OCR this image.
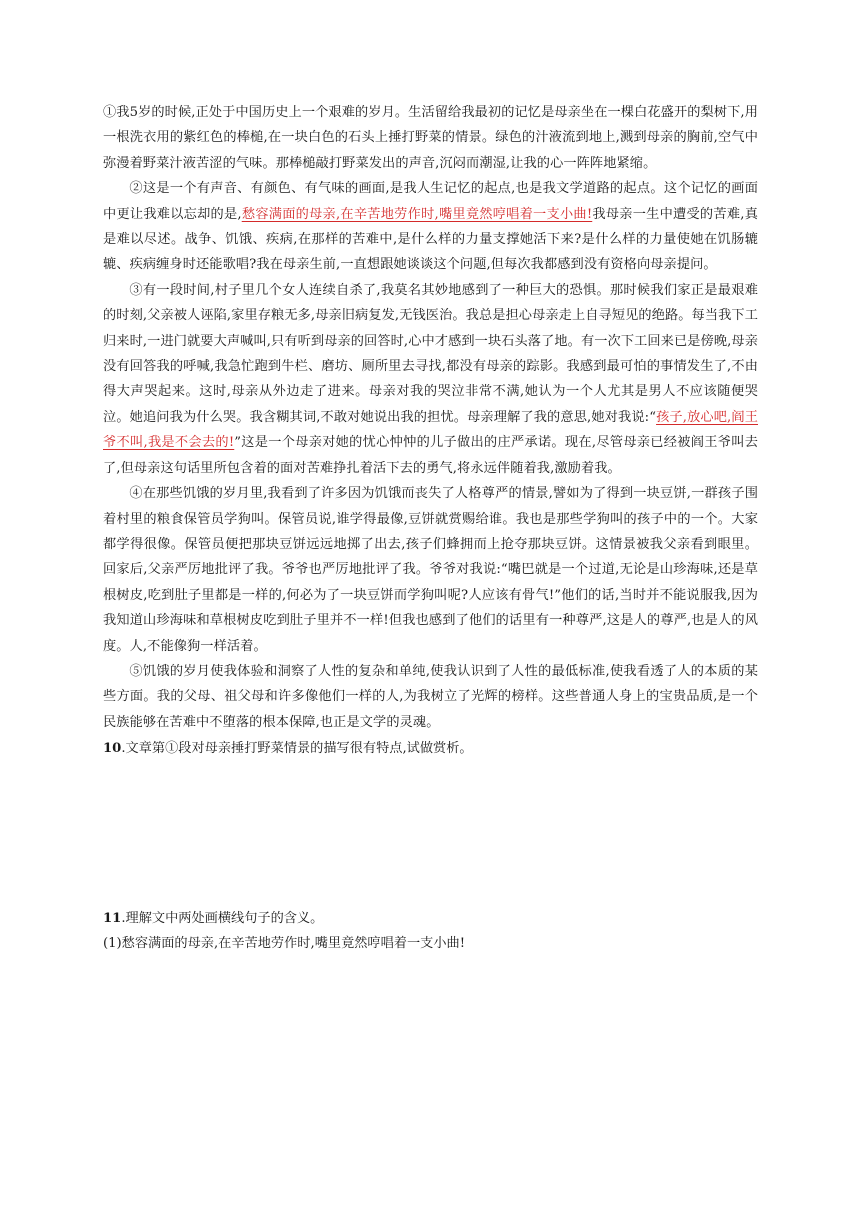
①我5岁的时候,正处于中国历史上一个艰难的岁月。生活留给我最初的记忆是母亲坐在一棵白花盛开的梨树下,用一根洗衣用的紫红色的棒槌,在一块白色的石头上捶打野菜的情景。绿色的汁液流到地上,溅到母亲的胸前,空气中弥漫着野菜汁液苦涩的气味。那棒槌敲打野菜发出的声音,沉闷而潮湿,让我的心一阵阵地紧缩。

②这是一个有声音、有颜色、有气味的画面,是我人生记忆的起点,也是我文学道路的起点。这个记忆的画面中更让我难以忘却的是,愁容满面的母亲,在辛苦地劳作时,嘴里竟然哼唱着一支小曲!我母亲一生中遭受的苦难,真是难以尽述。战争、饥饿、疾病,在那样的苦难中,是什么样的力量支撑她活下来?是什么样的力量使她在饥肠辘辘、疾病缠身时还能歌唱?我在母亲生前,一直想跟她谈谈这个问题,但每次我都感到没有资格向母亲提问。

③有一段时间,村子里几个女人连续自杀了,我莫名其妙地感到了一种巨大的恐惧。那时候我们家正是最艰难的时刻,父亲被人诬陷,家里存粮无多,母亲旧病复发,无钱医治。我总是担心母亲走上自寻短见的绝路。每当我下工归来时,一进门就要大声喊叫,只有听到母亲的回答时,心中才感到一块石头落了地。有一次下工回来已是傍晚,母亲没有回答我的呼喊,我急忙跑到牛栏、磨坊、厕所里去寻找,都没有母亲的踪影。我感到最可怕的事情发生了,不由得大声哭起来。这时,母亲从外边走了进来。母亲对我的哭泣非常不满,她认为一个人尤其是男人不应该随便哭泣。她追问我为什么哭。我含糊其词,不敢对她说出我的担忧。母亲理解了我的意思,她对我说:“孩子,放心吧,阎王爷不叫,我是不会去的!”这是一个母亲对她的忧心忡忡的儿子做出的庄严承诺。现在,尽管母亲已经被阎王爷叫去了,但母亲这句话里所包含着的面对苦难挣扎着活下去的勇气,将永远伴随着我,激励着我。

④在那些饥饿的岁月里,我看到了许多因为饥饿而丧失了人格尊严的情景,譬如为了得到一块豆饼,一群孩子围着村里的粮食保管员学狗叫。保管员说,谁学得最像,豆饼就赏赐给谁。我也是那些学狗叫的孩子中的一个。大家都学得很像。保管员便把那块豆饼远远地掷了出去,孩子们蜂拥而上抢夺那块豆饼。这情景被我父亲看到眼里。回家后,父亲严厉地批评了我。爷爷也严厉地批评了我。爷爷对我说:“嘴巴就是一个过道,无论是山珍海味,还是草根树皮,吃到肚子里都是一样的,何必为了一块豆饼而学狗叫呢?人应该有骨气!”他们的话,当时并不能说服我,因为我知道山珍海味和草根树皮吃到肚子里并不一样!但我也感到了他们的话里有一种尊严,这是人的尊严,也是人的风度。人,不能像狗一样活着。

⑤饥饿的岁月使我体验和洞察了人性的复杂和单纯,使我认识到了人性的最低标准,使我看透了人的本质的某些方面。我的父母、祖父母和许多像他们一样的人,为我树立了光辉的榜样。这些普通人身上的宝贵品质,是一个民族能够在苦难中不堕落的根本保障,也正是文学的灵魂。

10.文章第①段对母亲捶打野菜情景的描写很有特点,试做赏析。

11.理解文中两处画横线句子的含义。

(1)愁容满面的母亲,在辛苦地劳作时,嘴里竟然哼唱着一支小曲!
